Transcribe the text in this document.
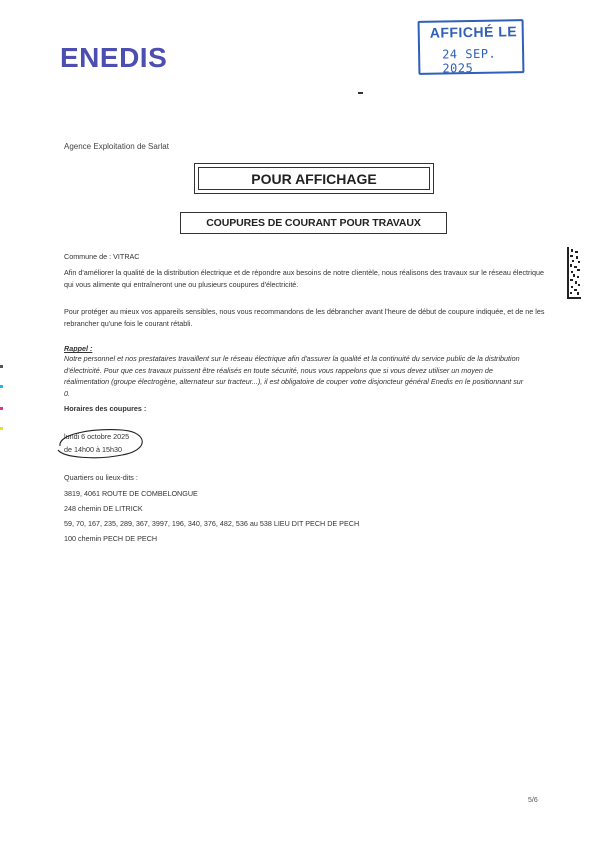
ENEDIS
AFFICHÉ LE
24 SEP. 2025
Agence Exploitation de Sarlat
POUR AFFICHAGE
COUPURES DE COURANT POUR TRAVAUX
Commune de : VITRAC
Afin d'améliorer la qualité de la distribution électrique et de répondre aux besoins de notre clientèle, nous réalisons des travaux sur le réseau électrique qui vous alimente qui entraîneront une ou plusieurs coupures d'électricité.
Pour protéger au mieux vos appareils sensibles, nous vous recommandons de les débrancher avant l'heure de début de coupure indiquée, et de ne les rebrancher qu'une fois le courant rétabli.
Rappel :
Notre personnel et nos prestataires travaillent sur le réseau électrique afin d'assurer la qualité et la continuité du service public de la distribution d'électricité. Pour que ces travaux puissent être réalisés en toute sécurité, nous vous rappelons que si vous devez utiliser un moyen de réalimentation (groupe électrogène, alternateur sur tracteur...), il est obligatoire de couper votre disjoncteur général Enedis en le positionnant sur 0.
Horaires des coupures :
lundi 6 octobre 2025
de 14h00 à 15h30
Quartiers ou lieux-dits :
3819, 4061 ROUTE DE COMBELONGUE
248 chemin DE LITRICK
59, 70, 167, 235, 289, 367, 3997, 196, 340, 376, 482, 536 au 538 LIEU DIT PECH DE PECH
100 chemin PECH DE PECH
5/6
